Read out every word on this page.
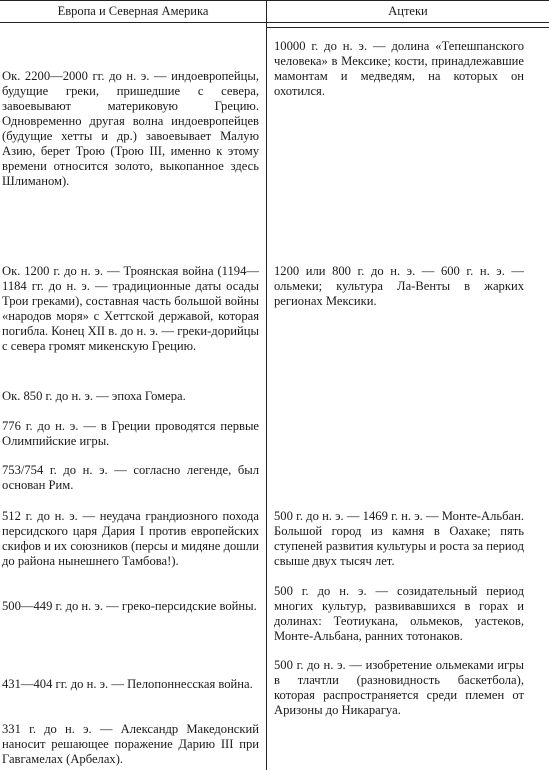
Европа и Северная Америка	Ацтеки

Ок. 2200—2000 гг. до н. э. — индоевропейцы, будущие греки, пришедшие с севера, завоевывают материковую Грецию. Одновременно другая волна индоевропейцев (будущие хетты и др.) завоевывает Малую Азию, берет Трою (Трою III, именно к этому времени относится золото, выкопанное здесь Шлиманом).

Ок. 1200 г. до н. э. — Троянская война (1194—1184 гг. до н. э. — традиционные даты осады Трои греками), составная часть большой войны «народов моря» с Хеттской державой, которая погибла. Конец XII в. до н. э. — греки-дорийцы с севера громят микенскую Грецию.

Ок. 850 г. до н. э. — эпоха Гомера.

776 г. до н. э. — в Греции проводятся первые Олимпийские игры.

753/754 г. до н. э. — согласно легенде, был основан Рим.

512 г. до н. э. — неудача грандиозного похода персидского царя Дария I против европейских скифов и их союзников (персы и мидяне дошли до района нынешнего Тамбова!).

500—449 г. до н. э. — греко-персидские войны.

431—404 гг. до н. э. — Пелопоннесская война.

331 г. до н. э. — Александр Македонский наносит решающее поражение Дарию III при Гавгамелах (Арбелах).

10000 г. до н. э. — долина «Тепешпанского человека» в Мексике; кости, принадлежавшие мамонтам и медведям, на которых он охотился.

1200 или 800 г. до н. э. — 600 г. н. э. — ольмеки; культура Ла-Венты в жарких регионах Мексики.

500 г. до н. э. — 1469 г. н. э. — Монте-Альбан. Большой город из камня в Оахаке; пять ступеней развития культуры и роста за период свыше двух тысяч лет.

500 г. до н. э. — созидательный период многих культур, развивавшихся в горах и долинах: Теотиукана, ольмеков, уастеков, Монте-Альбана, ранних тотонаков.

500 г. до н. э. — изобретение ольмеками игры в тлачтли (разновидность баскетбола), которая распространяется среди племен от Аризоны до Никарагуа.
